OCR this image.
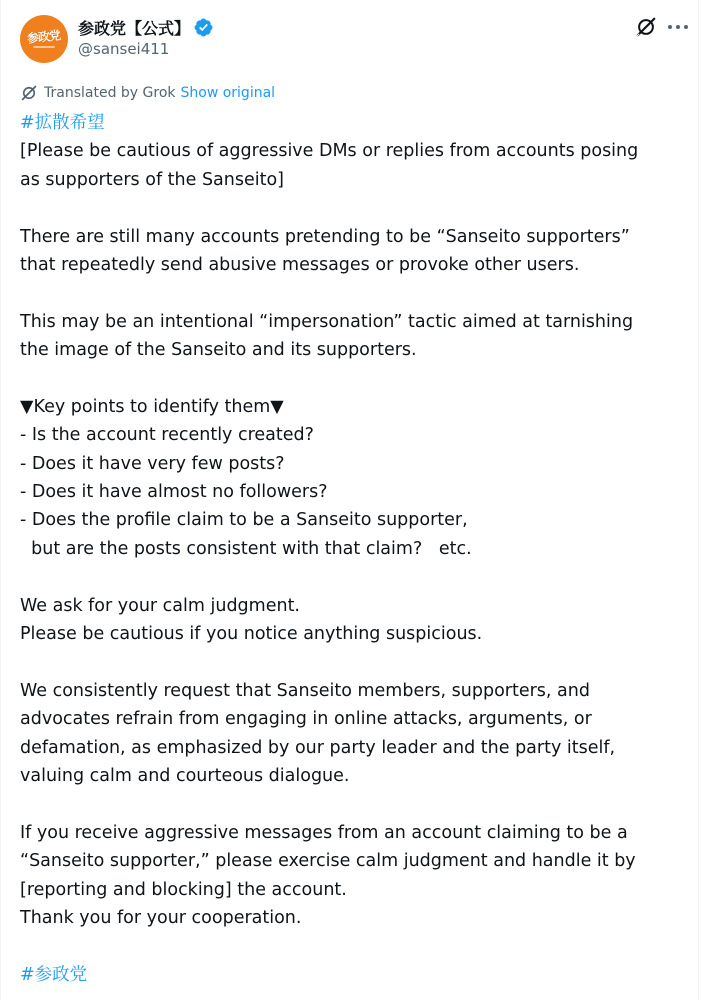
参政党 参政党【公式】
@sansei411
Translated by Grok Show original
#拡散希望
[Please be cautious of aggressive DMs or replies from accounts posing
as supporters of the Sanseito]
There are still many accounts pretending to be “Sanseito supporters”
that repeatedly send abusive messages or provoke other users.
This may be an intentional “impersonation” tactic aimed at tarnishing
the image of the Sanseito and its supporters.
▼Key points to identify them▼
- Is the account recently created?
- Does it have very few posts?
- Does it have almost no followers?
- Does the profile claim to be a Sanseito supporter,
but are the posts consistent with that claim?   etc.
We ask for your calm judgment.
Please be cautious if you notice anything suspicious.
We consistently request that Sanseito members, supporters, and
advocates refrain from engaging in online attacks, arguments, or
defamation, as emphasized by our party leader and the party itself,
valuing calm and courteous dialogue.
If you receive aggressive messages from an account claiming to be a
“Sanseito supporter,” please exercise calm judgment and handle it by
[reporting and blocking] the account.
Thank you for your cooperation.
#参政党
